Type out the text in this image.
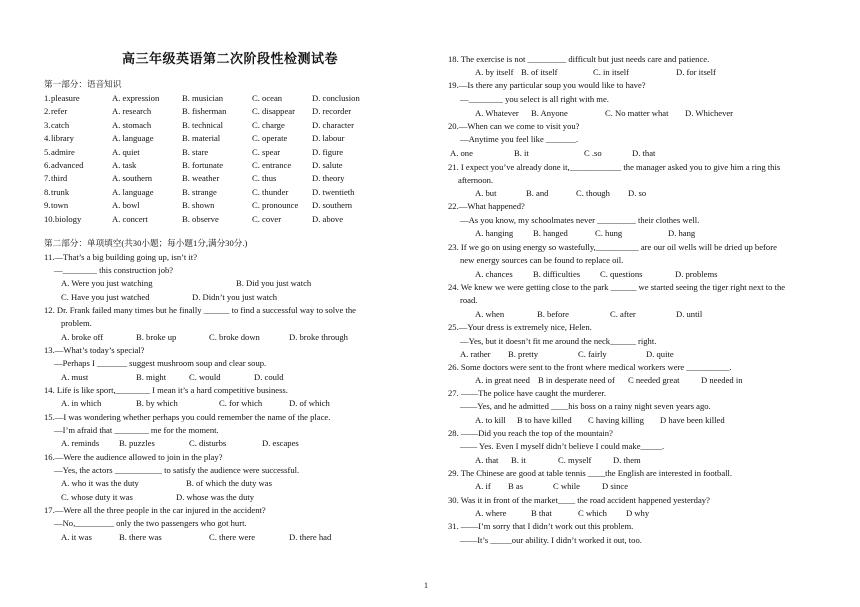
高三年级英语第二次阶段性检测试卷
第一部分：语音知识
1. pleasure	A. expression	B. musician	C. ocean	D. conclusion
2. refer	A. research	B. fisherman	C. disappear D. recorder
3. catch	A. stomach	B. technical	C. charge	D. character
4. library	A. language	B. material	C. operate	D. labour
5. admire	A. quiet	B. stare	C. spear	D. figure
6. advanced	A. task	B. fortunate	C. entrance D. salute
7. third	A. southern	B. weather	C. thus	D. theory
8. trunk	A. language	B. strange	C. thunder	D. twentieth
9. town	A. bowl	B. shown	C. pronounce D. southern
10. biology	A. concert	B. observe	C. cover	D. above
第二部分：单项填空(共30小题；每小题1分,满分30分.)
11.—That’s a big building going up, isn’t it?
—________ this construction job?
A. Were you just watching	B. Did you just watch
C. Have you just watched	D. Didn’t you just watch
12. Dr. Frank failed many times but he finally ______ to find a successful way to solve the
problem.
A. broke off	B. broke up	C. broke down	D. broke through
13.—What’s today’s special?
—Perhaps I _______ suggest mushroom soup and clear soup.
A. must	B. might	C. would	D. could
14. Life is like sport,________ I mean it’s a hard competitive business.
A. in which	B. by which	C. for which	D. of which
15.—I was wondering whether perhaps you could remember the name of the place.
—I’m afraid that ________ me for the moment.
A. reminds B. puzzles	C. disturbs	D. escapes
16.—Were the audience allowed to join in the play?
—Yes, the actors ___________ to satisfy the audience were successful.
A. who it was the duty	B. of which the duty was
C. whose duty it was	D. whose was the duty
17.—Were all the three people in the car injured in the accident?
—No,_________ only the two passengers who got hurt.
A. it was	B. there was	C. there were	D. there had
18. The exercise is not _________ difficult but just needs care and patience.
A. by itself B. of itself	C. in itself	D. for itself
19.—Is there any particular soup you would like to have?
—________ you select is all right with me.
A. Whatever B. Anyone	C. No matter what D. Whichever
20.—When can we come to visit you?
—Anytime you feel like _______.
A. one	B. it	C .so	D. that
21. I expect you’ve already done it,____________ the manager asked you to give him a ring this
afternoon.
A. but	B. and	C. though D. so
22.—What happened?
—As you know, my schoolmates never _________ their clothes well.
A. hanging B. hanged	C. hung	D. hang
23. If we go on using energy so wastefully,__________ are our oil wells will be dried up before
new energy sources can be found to replace oil.
A. chances B. difficulties C. questions	D. problems
24. We knew we were getting close to the park ______ we started seeing the tiger right next to the
road.
A. when	B. before	C. after	D. until
25.—Your dress is extremely nice, Helen.
—Yes, but it doesn’t fit me around the neck______ right.
A. rather B. pretty	C. fairly	D. quite
26. Some doctors were sent to the front where medical workers were __________.
A. in great need B in desperate need of C needed great D needed in
27. ——The police have caught the murderer.
——Yes, and he admitted ____his boss on a rainy night seven years ago.
A. to kill B to have killed C having killing D have been killed
28. ——Did you reach the top of the mountain?
—— Yes. Even I myself didn’t believe I could make_____.
A. that B. it	C. myself	D. them
29. The Chinese are good at table tennis ____the English are interested in football.
A. if B as	C while	D since
30. Was it in front of the market____ the road accident happened yesterday?
A. where	B that	C which D why
31. ——I’m sorry that I didn’t work out this problem.
——It’s _____our ability. I didn’t worked it out, too.
1
